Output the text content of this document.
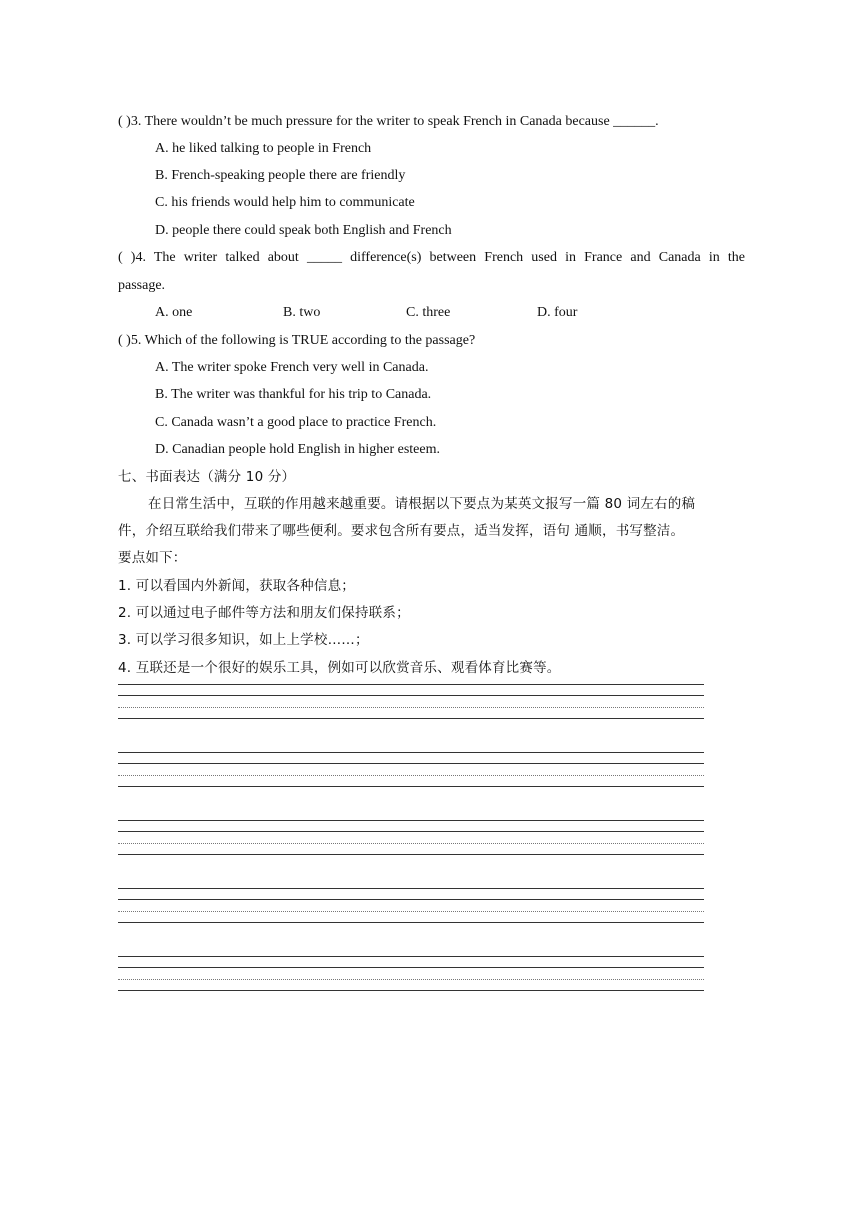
( )3. There wouldn’t be much pressure for the writer to speak French in Canada because ______.
A. he liked talking to people in French
B. French-speaking people there are friendly
C. his friends would help him to communicate
D. people there could speak both English and French
( )4. The writer talked about _____ difference(s) between French used in France and Canada in the
passage.
A. one	B. two	C. three	D. four
( )5. Which of the following is TRUE according to the passage?
A. The writer spoke French very well in Canada.
B. The writer was thankful for his trip to Canada.
C. Canada wasn’t a good place to practice French.
D. Canadian people hold English in higher esteem.
七、书面表达（满分 10 分）
在日常生活中，互联的作用越来越重要。请根据以下要点为某英文报写一篇 80 词左右的稿
件，介绍互联给我们带来了哪些便利。要求包含所有要点，适当发挥，语句 通顺，书写整洁。
要点如下：
1. 可以看国内外新闻，获取各种信息；
2. 可以通过电子邮件等方法和朋友们保持联系；
3. 可以学习很多知识，如上上学校……；
4. 互联还是一个很好的娱乐工具，例如可以欣赏音乐、观看体育比赛等。
